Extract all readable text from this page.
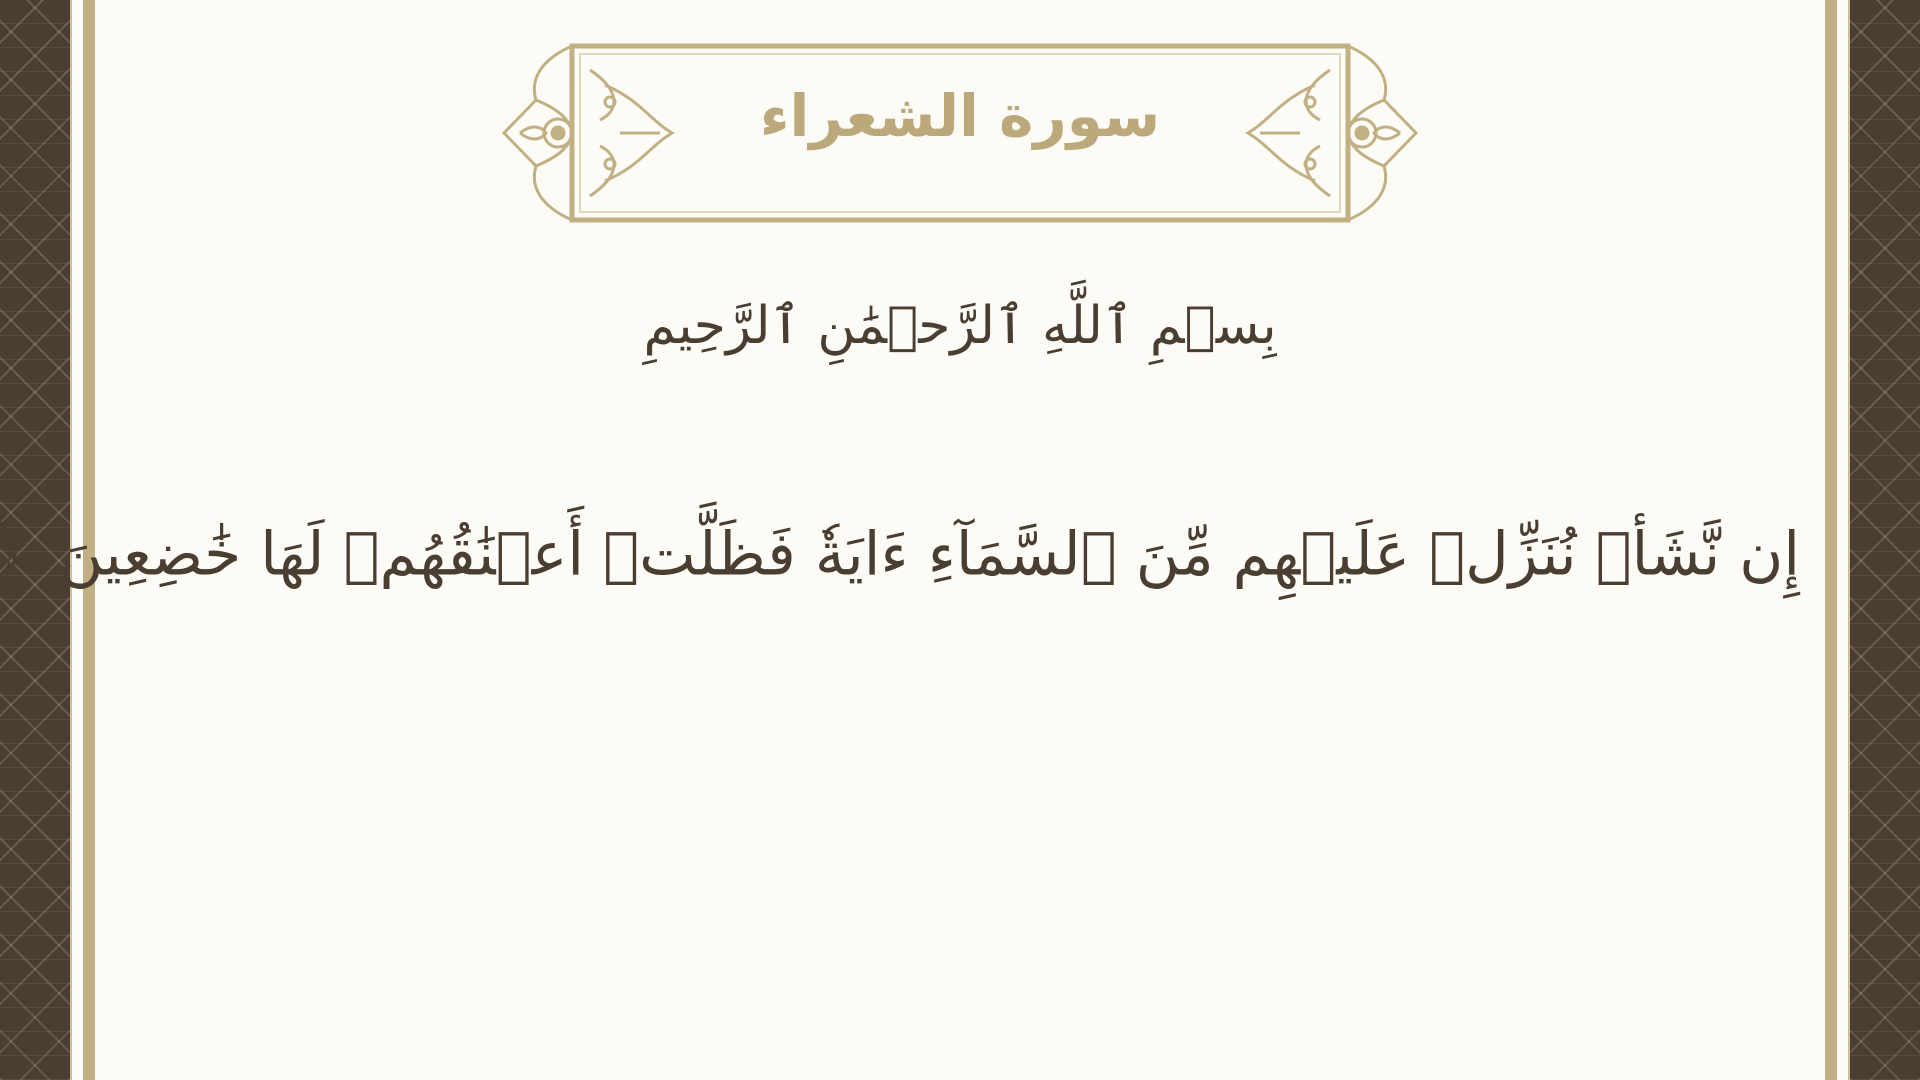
سورة الشعراء
بِسۡمِ ٱللَّهِ ٱلرَّحۡمَٰنِ ٱلرَّحِيمِ
إِن نَّشَأۡ نُنَزِّلۡ عَلَيۡهِم مِّنَ ٱلسَّمَآءِ ءَايَةٗ فَظَلَّتۡ أَعۡنَٰقُهُمۡ لَهَا خَٰضِعِينَ
